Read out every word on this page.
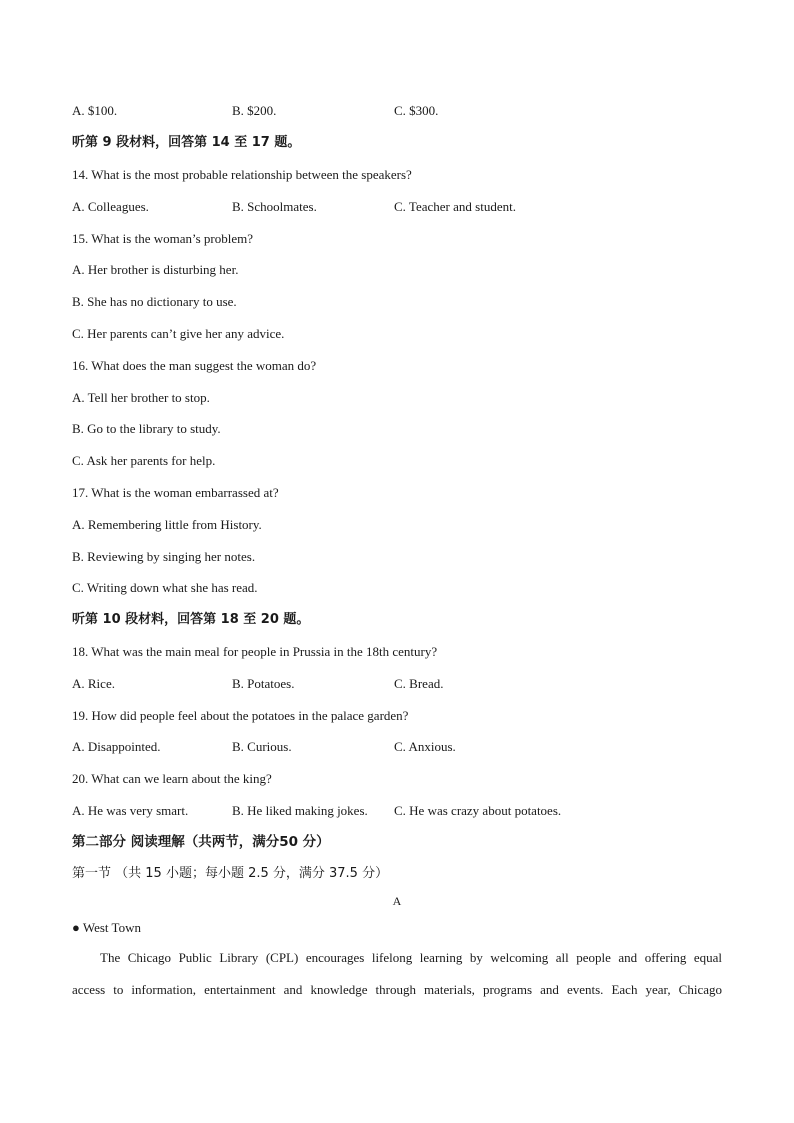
A. $100.	B. $200.	C. $300.
听第 9 段材料，回答第 14 至 17 题。
14. What is the most probable relationship between the speakers?
A. Colleagues.	B. Schoolmates.	C. Teacher and student.
15. What is the woman’s problem?
A. Her brother is disturbing her.
B. She has no dictionary to use.
C. Her parents can’t give her any advice.
16. What does the man suggest the woman do?
A. Tell her brother to stop.
B. Go to the library to study.
C. Ask her parents for help.
17. What is the woman embarrassed at?
A. Remembering little from History.
B. Reviewing by singing her notes.
C. Writing down what she has read.
听第 10 段材料，回答第 18 至 20 题。
18. What was the main meal for people in Prussia in the 18th century?
A. Rice.	B. Potatoes.	C. Bread.
19. How did people feel about the potatoes in the palace garden?
A. Disappointed.	B. Curious.	C. Anxious.
20. What can we learn about the king?
A. He was very smart.	B. He liked making jokes. C. He was crazy about potatoes.
第二部分 阅读理解（共两节，满分50 分）
第一节 （共 15 小题；每小题 2.5 分，满分 37.5 分）
A
● West Town
The Chicago Public Library (CPL) encourages lifelong learning by welcoming all people and offering equal
access to information, entertainment and knowledge through materials, programs and events. Each year, Chicago
